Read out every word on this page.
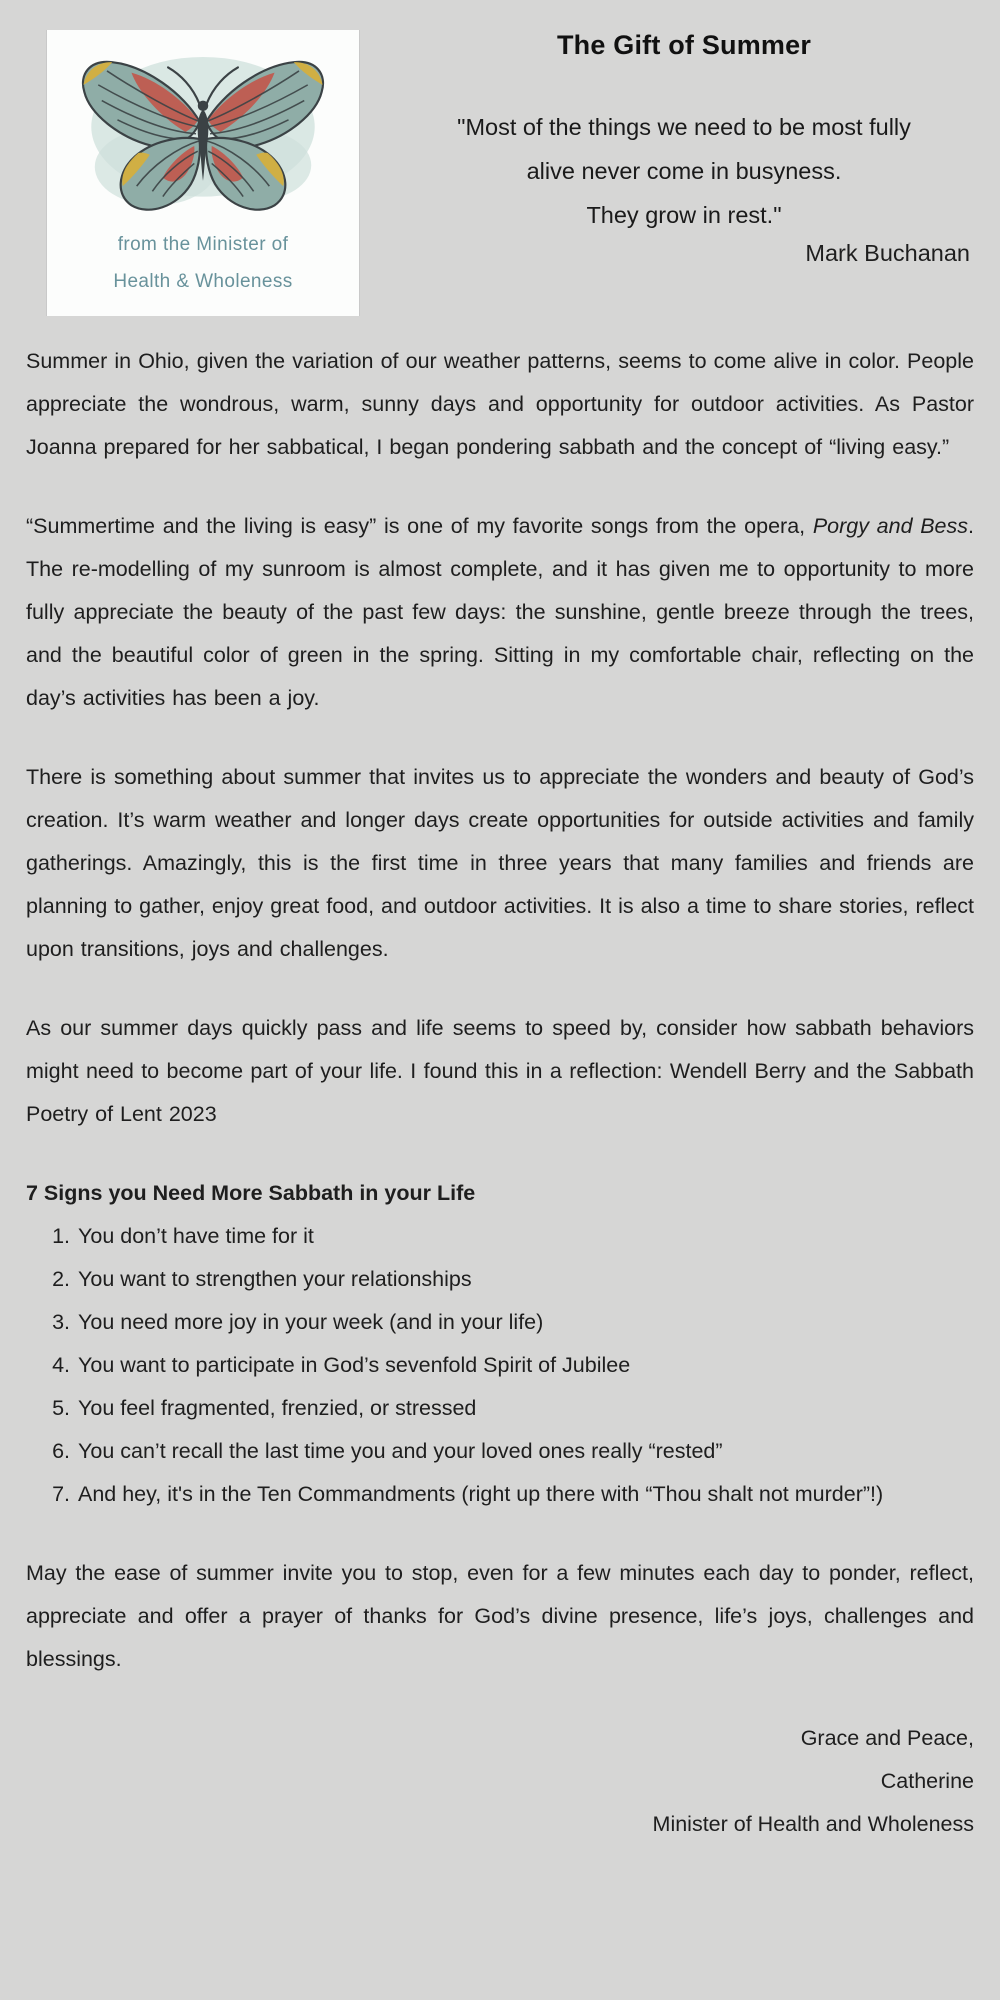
from the Minister of
Health & Wholeness
The Gift of Summer
"Most of the things we need to be most fully
alive never come in busyness.
They grow in rest."
Mark Buchanan

Summer in Ohio, given the variation of our weather patterns, seems to come alive in color. People appreciate the wondrous, warm, sunny days and opportunity for outdoor activities. As Pastor Joanna prepared for her sabbatical, I began pondering sabbath and the concept of “living easy.”

“Summertime and the living is easy” is one of my favorite songs from the opera, Porgy and Bess. The re-modelling of my sunroom is almost complete, and it has given me to opportunity to more fully appreciate the beauty of the past few days: the sunshine, gentle breeze through the trees, and the beautiful color of green in the spring. Sitting in my comfortable chair, reflecting on the day’s activities has been a joy.

There is something about summer that invites us to appreciate the wonders and beauty of God’s creation. It’s warm weather and longer days create opportunities for outside activities and family gatherings. Amazingly, this is the first time in three years that many families and friends are planning to gather, enjoy great food, and outdoor activities. It is also a time to share stories, reflect upon transitions, joys and challenges.

As our summer days quickly pass and life seems to speed by, consider how sabbath behaviors might need to become part of your life. I found this in a reflection: Wendell Berry and the Sabbath Poetry of Lent 2023

7 Signs you Need More Sabbath in your Life
1. You don’t have time for it
2. You want to strengthen your relationships
3. You need more joy in your week (and in your life)
4. You want to participate in God’s sevenfold Spirit of Jubilee
5. You feel fragmented, frenzied, or stressed
6. You can’t recall the last time you and your loved ones really “rested”
7. And hey, it's in the Ten Commandments (right up there with “Thou shalt not murder”!)

May the ease of summer invite you to stop, even for a few minutes each day to ponder, reflect, appreciate and offer a prayer of thanks for God’s divine presence, life’s joys, challenges and blessings.

Grace and Peace,
Catherine
Minister of Health and Wholeness
